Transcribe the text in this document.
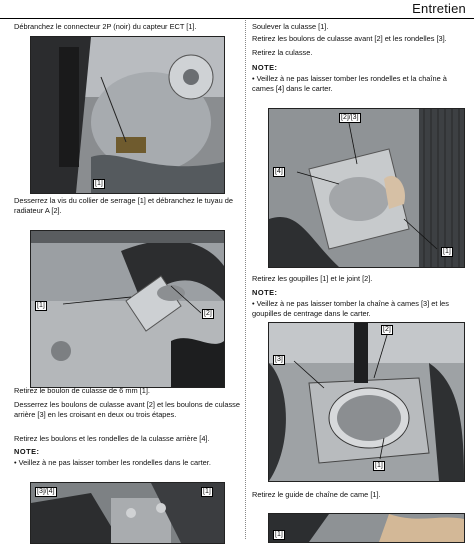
Entretien
Débranchez le connecteur 2P (noir) du capteur ECT [1].
[1]
Desserrez la vis du collier de serrage [1] et débranchez le tuyau de radiateur A [2].
[1]
[2]
Retirez le boulon de culasse de 6 mm [1].
Desserrez les boulons de culasse avant [2] et les boulons de culasse arrière [3] en les croisant en deux ou trois étapes.
Retirez les boulons et les rondelles de la culasse arrière [4].
NOTE:
• Veillez à ne pas laisser tomber les rondelles dans le carter.
[3]/[4]	[1]
Soulever la culasse [1].
Retirez les boulons de culasse avant [2] et les rondelles [3].
Retirez la culasse.
NOTE:
• Veillez à ne pas laisser tomber les rondelles et la chaîne à cames [4] dans le carter.
[2]/[3]
[4]
[1]
Retirez les goupilles [1] et le joint [2].
NOTE:
• Veillez à ne pas laisser tomber la chaîne à cames [3] et les goupilles de centrage dans le carter.
[2]
[3]
[1]
Retirez le guide de chaîne de came [1].
[1]
